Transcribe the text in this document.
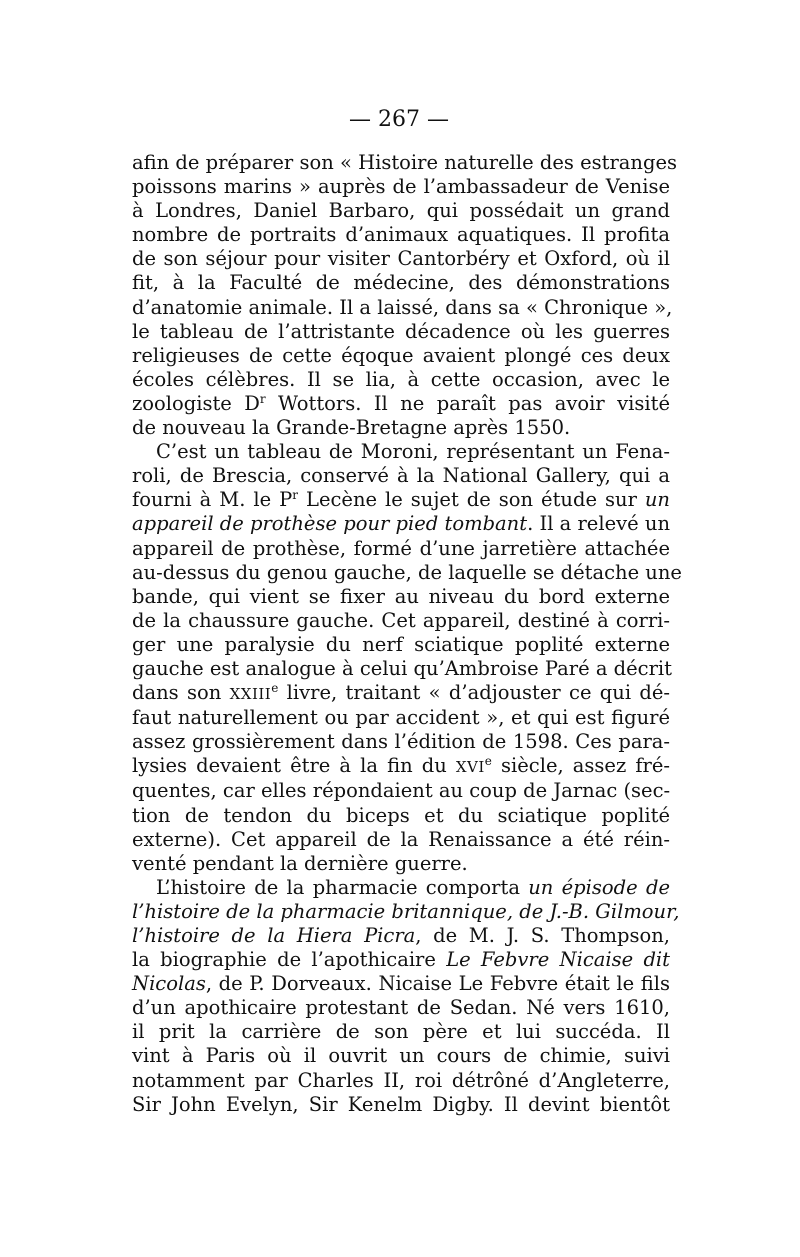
— 267 —
afin de préparer son « Histoire naturelle des estranges
poissons marins » auprès de l’ambassadeur de Venise
à Londres, Daniel Barbaro, qui possédait un grand
nombre de portraits d’animaux aquatiques. Il profita
de son séjour pour visiter Cantorbéry et Oxford, où il
fit, à la Faculté de médecine, des démonstrations
d’anatomie animale. Il a laissé, dans sa « Chronique »,
le tableau de l’attristante décadence où les guerres
religieuses de cette éqoque avaient plongé ces deux
écoles célèbres. Il se lia, à cette occasion, avec le
zoologiste $D^r$ Wottors. Il ne paraît pas avoir visité
de nouveau la Grande-Bretagne après 1550.
C’est un tableau de Moroni, représentant un Fena-
roli, de Brescia, conservé à la National Gallery, qui a
fourni à M. le $P^r$ Lecène le sujet de son étude sur un
appareil de prothèse pour pied tombant. Il a relevé un
appareil de prothèse, formé d’une jarretière attachée
au-dessus du genou gauche, de laquelle se détache une
bande, qui vient se fixer au niveau du bord externe
de la chaussure gauche. Cet appareil, destiné à corri-
ger une paralysie du nerf sciatique poplité externe
gauche est analogue à celui qu’Ambroise Paré a décrit
dans son XXIIIe livre, traitant « d’adjouster ce qui dé-
faut naturellement ou par accident », et qui est figuré
assez grossièrement dans l’édition de 1598. Ces para-
lysies devaient être à la fin du XVIe siècle, assez fré-
quentes, car elles répondaient au coup de Jarnac (sec-
tion de tendon du biceps et du sciatique poplité
externe). Cet appareil de la Renaissance a été réin-
venté pendant la dernière guerre.
L’histoire de la pharmacie comporta un épisode de
l’histoire de la pharmacie britannique, de J.-B. Gilmour,
l’histoire de la Hiera Picra, de M. J. S. Thompson,
la biographie de l’apothicaire Le Febvre Nicaise dit
Nicolas, de P. Dorveaux. Nicaise Le Febvre était le fils
d’un apothicaire protestant de Sedan. Né vers 1610,
il prit la carrière de son père et lui succéda. Il
vint à Paris où il ouvrit un cours de chimie, suivi
notamment par Charles II, roi détrôné d’Angleterre,
Sir John Evelyn, Sir Kenelm Digby. Il devint bientôt
